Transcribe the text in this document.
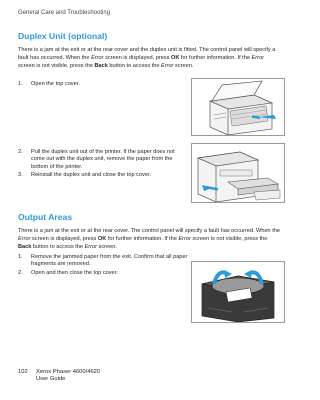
General Care and Troubleshooting
Duplex Unit (optional)

There is a jam at the exit or at the rear cover and the duplex unit is fitted. The control panel will specify a fault has occurred. When the Error screen is displayed, press OK for further information. If the Error screen is not visible, press the Back button to access the Error screen.

1. Open the top cover.
2. Pull the duplex unit out of the printer. If the paper does not come out with the duplex unit, remove the paper from the bottom of the printer.
3. Reinstall the duplex unit and close the top cover.
Output Areas

There is a jam at the exit or at the rear cover. The control panel will specify a fault has occurred. When the Error screen is displayed, press OK for further information. If the Error screen is not visible, press the Back button to access the Error screen.

1. Remove the jammed paper from the exit. Confirm that all paper fragments are removed.
2. Open and then close the top cover.
102 Xerox Phaser 4600/4620
User Guide
